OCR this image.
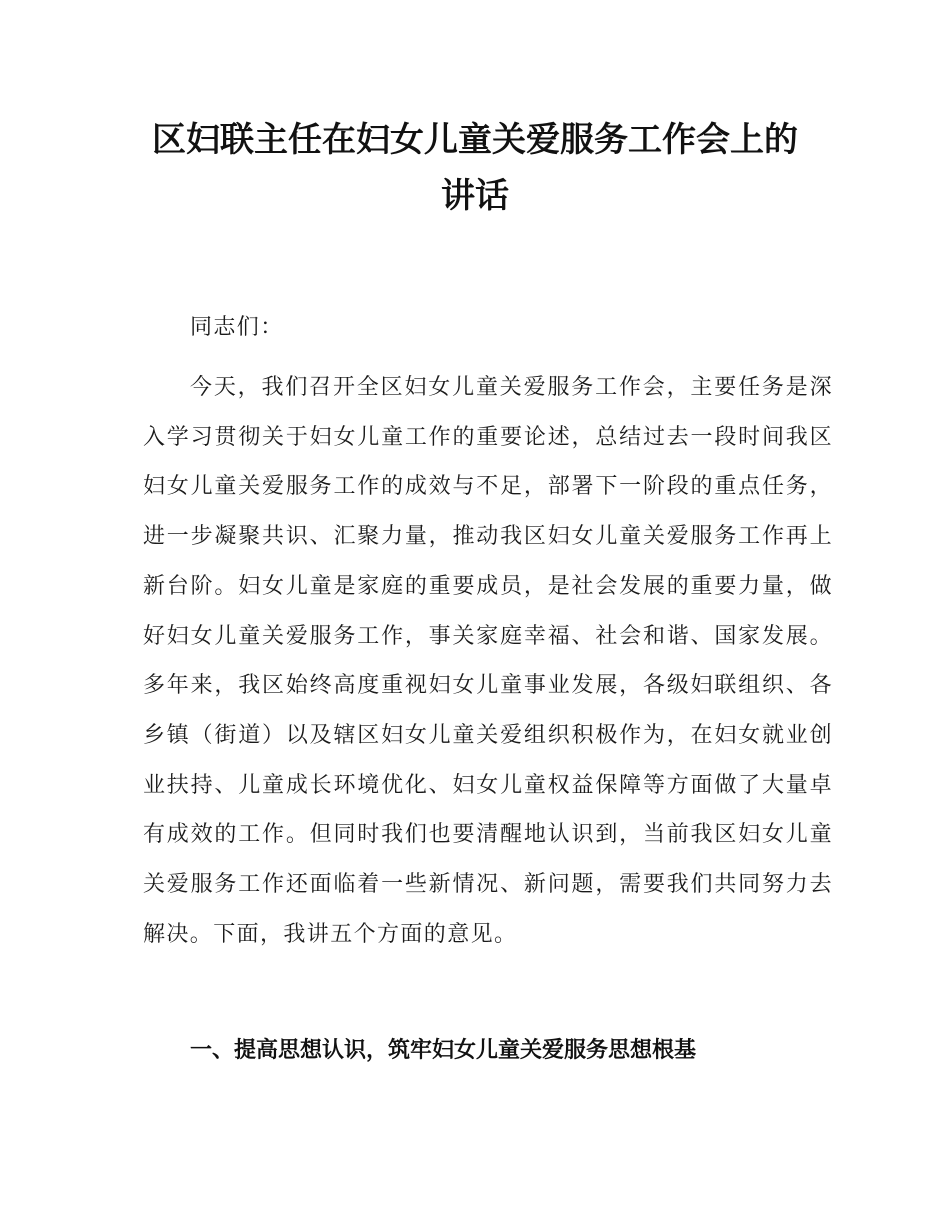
区妇联主任在妇女儿童关爱服务工作会上的
讲话

同志们：

今天，我们召开全区妇女儿童关爱服务工作会，主要任务是深入学习贯彻关于妇女儿童工作的重要论述，总结过去一段时间我区妇女儿童关爱服务工作的成效与不足，部署下一阶段的重点任务，进一步凝聚共识、汇聚力量，推动我区妇女儿童关爱服务工作再上新台阶。妇女儿童是家庭的重要成员，是社会发展的重要力量，做好妇女儿童关爱服务工作，事关家庭幸福、社会和谐、国家发展。多年来，我区始终高度重视妇女儿童事业发展，各级妇联组织、各乡镇（街道）以及辖区妇女儿童关爱组织积极作为，在妇女就业创业扶持、儿童成长环境优化、妇女儿童权益保障等方面做了大量卓有成效的工作。但同时我们也要清醒地认识到，当前我区妇女儿童关爱服务工作还面临着一些新情况、新问题，需要我们共同努力去解决。下面，我讲五个方面的意见。

一、提高思想认识，筑牢妇女儿童关爱服务思想根基
